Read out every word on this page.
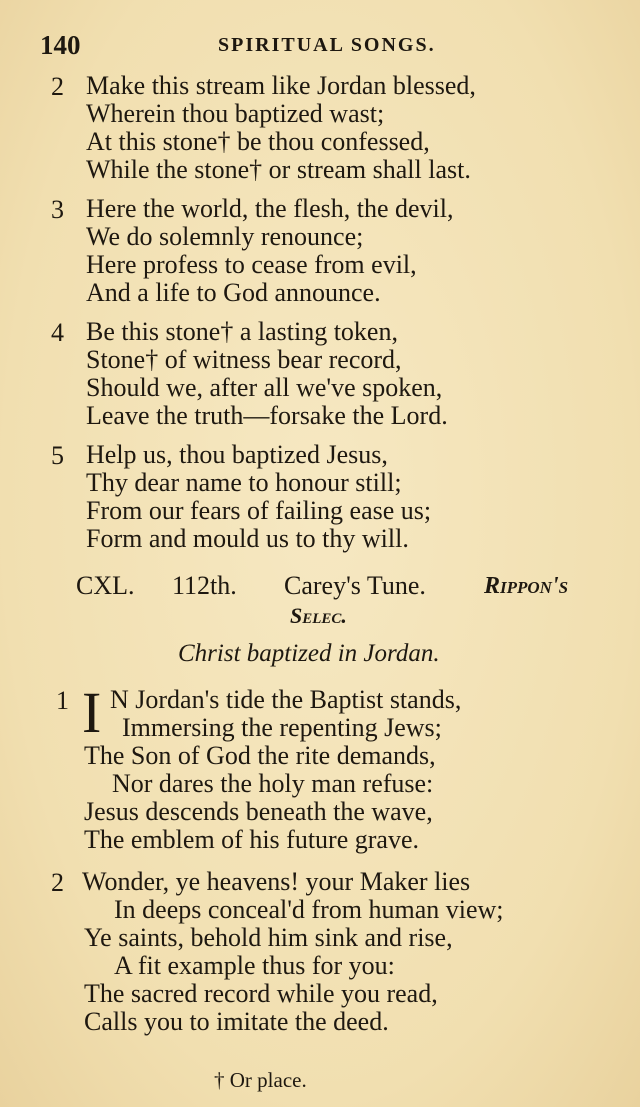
140	SPIRITUAL SONGS.
2 Make this stream like Jordan blessed,
Wherein thou baptized wast;
At this stone† be thou confessed,
While the stone† or stream shall last.
3 Here the world, the flesh, the devil,
We do solemnly renounce;
Here profess to cease from evil,
And a life to God announce.
4 Be this stone† a lasting token,
Stone† of witness bear record,
Should we, after all we've spoken,
Leave the truth—forsake the Lord.
5 Help us, thou baptized Jesus,
Thy dear name to honour still;
From our fears of failing ease us;
Form and mould us to thy will.
CXL. 112th. Carey's Tune. Rippon's
Selec.
Christ baptized in Jordan.
1 I N Jordan's tide the Baptist stands,
Immersing the repenting Jews;
The Son of God the rite demands,
Nor dares the holy man refuse:
Jesus descends beneath the wave,
The emblem of his future grave.
2 Wonder, ye heavens! your Maker lies
In deeps conceal'd from human view;
Ye saints, behold him sink and rise,
A fit example thus for you:
The sacred record while you read,
Calls you to imitate the deed.
† Or place.
